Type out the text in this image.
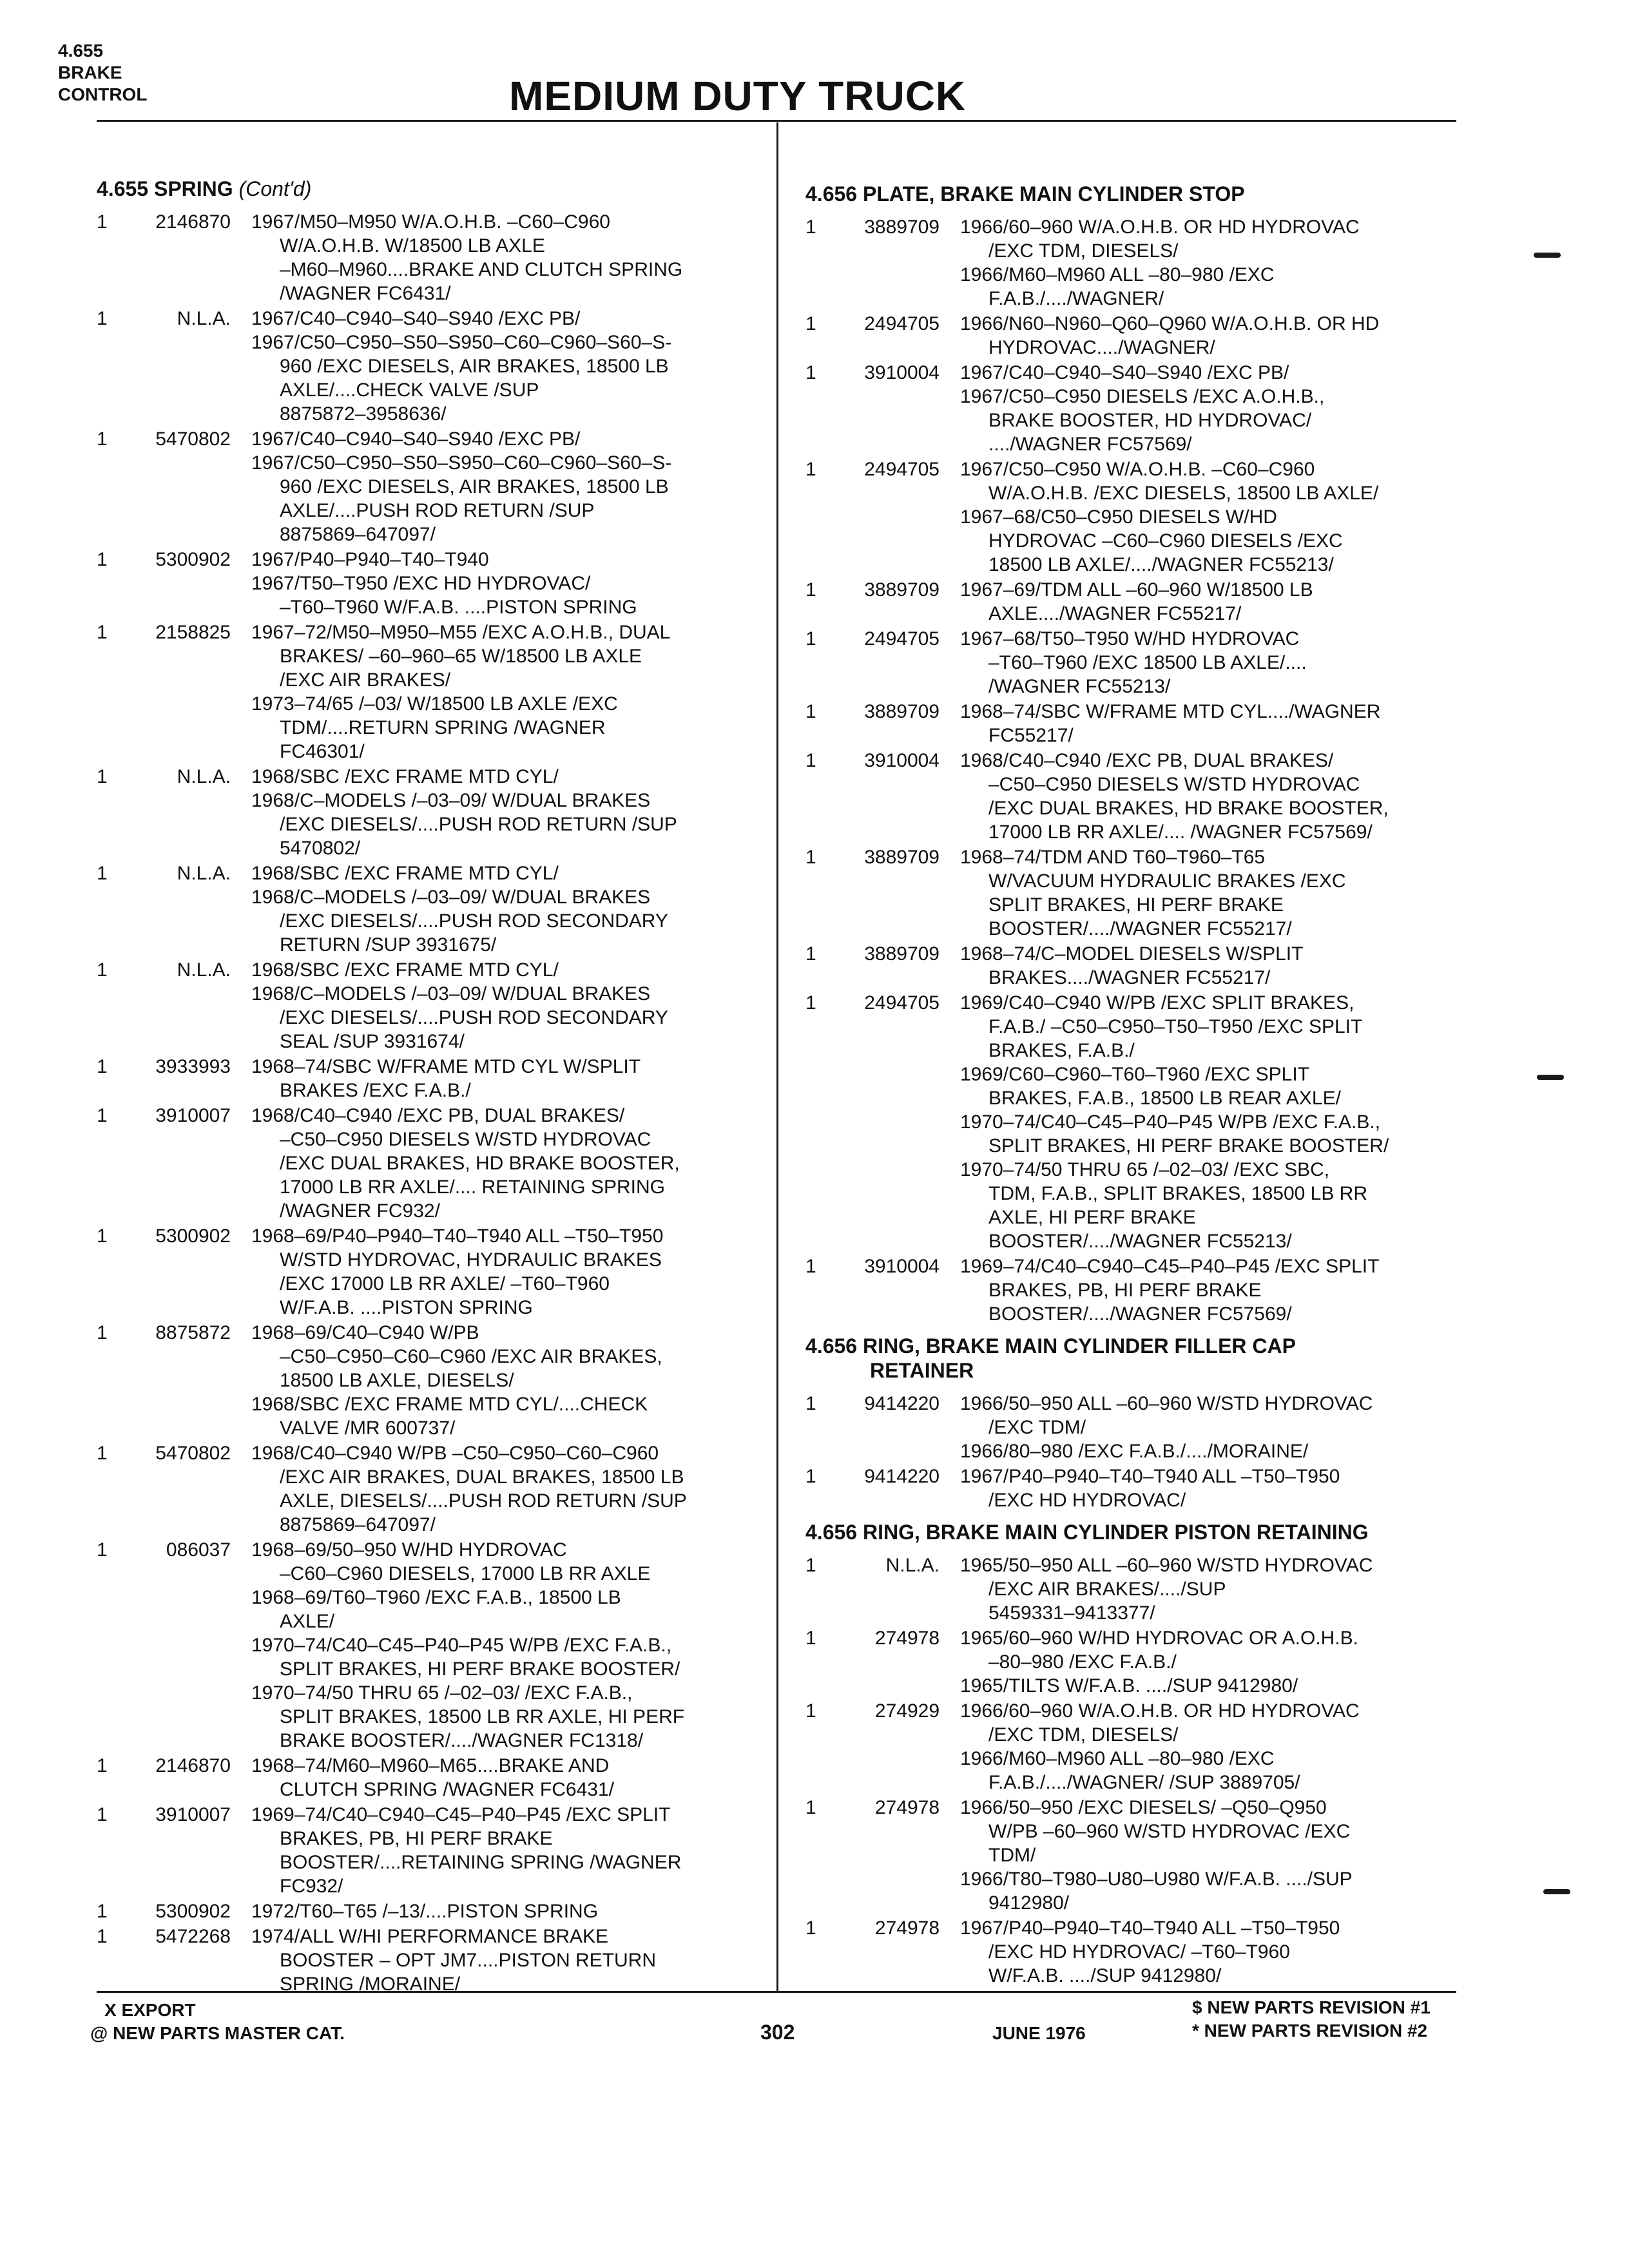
4.655
BRAKE
CONTROL	MEDIUM DUTY TRUCK
4.655 SPRING (Cont'd)
1	2146870 1967/M50–M950 W/A.O.H.B. –C60–C960
W/A.O.H.B. W/18500 LB AXLE
–M60–M960....BRAKE AND CLUTCH SPRING
/WAGNER FC6431/
1	N.L.A. 1967/C40–C940–S40–S940 /EXC PB/
1967/C50–C950–S50–S950–C60–C960–S60–S-
960 /EXC DIESELS, AIR BRAKES, 18500 LB
AXLE/....CHECK VALVE /SUP
8875872–3958636/
1	5470802 1967/C40–C940–S40–S940 /EXC PB/
1967/C50–C950–S50–S950–C60–C960–S60–S-
960 /EXC DIESELS, AIR BRAKES, 18500 LB
AXLE/....PUSH ROD RETURN /SUP
8875869–647097/
1	5300902 1967/P40–P940–T40–T940
1967/T50–T950 /EXC HD HYDROVAC/
–T60–T960 W/F.A.B. ....PISTON SPRING
1	2158825 1967–72/M50–M950–M55 /EXC A.O.H.B., DUAL
BRAKES/ –60–960–65 W/18500 LB AXLE
/EXC AIR BRAKES/
1973–74/65 /–03/ W/18500 LB AXLE /EXC
TDM/....RETURN SPRING /WAGNER
FC46301/
1	N.L.A. 1968/SBC /EXC FRAME MTD CYL/
1968/C–MODELS /–03–09/ W/DUAL BRAKES
/EXC DIESELS/....PUSH ROD RETURN /SUP
5470802/
1	N.L.A. 1968/SBC /EXC FRAME MTD CYL/
1968/C–MODELS /–03–09/ W/DUAL BRAKES
/EXC DIESELS/....PUSH ROD SECONDARY
RETURN /SUP 3931675/
1	N.L.A. 1968/SBC /EXC FRAME MTD CYL/
1968/C–MODELS /–03–09/ W/DUAL BRAKES
/EXC DIESELS/....PUSH ROD SECONDARY
SEAL /SUP 3931674/
1	3933993 1968–74/SBC W/FRAME MTD CYL W/SPLIT
BRAKES /EXC F.A.B./
1	3910007 1968/C40–C940 /EXC PB, DUAL BRAKES/
–C50–C950 DIESELS W/STD HYDROVAC
/EXC DUAL BRAKES, HD BRAKE BOOSTER,
17000 LB RR AXLE/.... RETAINING SPRING
/WAGNER FC932/
1	5300902 1968–69/P40–P940–T40–T940 ALL –T50–T950
W/STD HYDROVAC, HYDRAULIC BRAKES
/EXC 17000 LB RR AXLE/ –T60–T960
W/F.A.B. ....PISTON SPRING
1	8875872 1968–69/C40–C940 W/PB
–C50–C950–C60–C960 /EXC AIR BRAKES,
18500 LB AXLE, DIESELS/
1968/SBC /EXC FRAME MTD CYL/....CHECK
VALVE /MR 600737/
1	5470802 1968/C40–C940 W/PB –C50–C950–C60–C960
/EXC AIR BRAKES, DUAL BRAKES, 18500 LB
AXLE, DIESELS/....PUSH ROD RETURN /SUP
8875869–647097/
1	086037 1968–69/50–950 W/HD HYDROVAC
–C60–C960 DIESELS, 17000 LB RR AXLE
1968–69/T60–T960 /EXC F.A.B., 18500 LB
AXLE/
1970–74/C40–C45–P40–P45 W/PB /EXC F.A.B.,
SPLIT BRAKES, HI PERF BRAKE BOOSTER/
1970–74/50 THRU 65 /–02–03/ /EXC F.A.B.,
SPLIT BRAKES, 18500 LB RR AXLE, HI PERF
BRAKE BOOSTER/..../WAGNER FC1318/
1	2146870 1968–74/M60–M960–M65....BRAKE AND
CLUTCH SPRING /WAGNER FC6431/
1	3910007 1969–74/C40–C940–C45–P40–P45 /EXC SPLIT
BRAKES, PB, HI PERF BRAKE
BOOSTER/....RETAINING SPRING /WAGNER
FC932/
1	5300902 1972/T60–T65 /–13/....PISTON SPRING
1	5472268 1974/ALL W/HI PERFORMANCE BRAKE
BOOSTER – OPT JM7....PISTON RETURN
SPRING /MORAINE/
4.656 PLATE, BRAKE MAIN CYLINDER STOP
1	3889709 1966/60–960 W/A.O.H.B. OR HD HYDROVAC
/EXC TDM, DIESELS/
1966/M60–M960 ALL –80–980 /EXC
F.A.B./..../WAGNER/
1	2494705 1966/N60–N960–Q60–Q960 W/A.O.H.B. OR HD
HYDROVAC..../WAGNER/
1	3910004 1967/C40–C940–S40–S940 /EXC PB/
1967/C50–C950 DIESELS /EXC A.O.H.B.,
BRAKE BOOSTER, HD HYDROVAC/
..../WAGNER FC57569/
1	2494705 1967/C50–C950 W/A.O.H.B. –C60–C960
W/A.O.H.B. /EXC DIESELS, 18500 LB AXLE/
1967–68/C50–C950 DIESELS W/HD
HYDROVAC –C60–C960 DIESELS /EXC
18500 LB AXLE/..../WAGNER FC55213/
1	3889709 1967–69/TDM ALL –60–960 W/18500 LB
AXLE..../WAGNER FC55217/
1	2494705 1967–68/T50–T950 W/HD HYDROVAC
–T60–T960 /EXC 18500 LB AXLE/....
/WAGNER FC55213/
1	3889709 1968–74/SBC W/FRAME MTD CYL..../WAGNER
FC55217/
1	3910004 1968/C40–C940 /EXC PB, DUAL BRAKES/
–C50–C950 DIESELS W/STD HYDROVAC
/EXC DUAL BRAKES, HD BRAKE BOOSTER,
17000 LB RR AXLE/.... /WAGNER FC57569/
1	3889709 1968–74/TDM AND T60–T960–T65
W/VACUUM HYDRAULIC BRAKES /EXC
SPLIT BRAKES, HI PERF BRAKE
BOOSTER/..../WAGNER FC55217/
1	3889709 1968–74/C–MODEL DIESELS W/SPLIT
BRAKES..../WAGNER FC55217/
1	2494705 1969/C40–C940 W/PB /EXC SPLIT BRAKES,
F.A.B./ –C50–C950–T50–T950 /EXC SPLIT
BRAKES, F.A.B./
1969/C60–C960–T60–T960 /EXC SPLIT
BRAKES, F.A.B., 18500 LB REAR AXLE/
1970–74/C40–C45–P40–P45 W/PB /EXC F.A.B.,
SPLIT BRAKES, HI PERF BRAKE BOOSTER/
1970–74/50 THRU 65 /–02–03/ /EXC SBC,
TDM, F.A.B., SPLIT BRAKES, 18500 LB RR
AXLE, HI PERF BRAKE
BOOSTER/..../WAGNER FC55213/
1	3910004 1969–74/C40–C940–C45–P40–P45 /EXC SPLIT
BRAKES, PB, HI PERF BRAKE
BOOSTER/..../WAGNER FC57569/
4.656 RING, BRAKE MAIN CYLINDER FILLER CAP
RETAINER
1	9414220 1966/50–950 ALL –60–960 W/STD HYDROVAC
/EXC TDM/
1966/80–980 /EXC F.A.B./..../MORAINE/
1	9414220 1967/P40–P940–T40–T940 ALL –T50–T950
/EXC HD HYDROVAC/
4.656 RING, BRAKE MAIN CYLINDER PISTON RETAINING
1	N.L.A. 1965/50–950 ALL –60–960 W/STD HYDROVAC
/EXC AIR BRAKES/..../SUP
5459331–9413377/
1	274978 1965/60–960 W/HD HYDROVAC OR A.O.H.B.
–80–980 /EXC F.A.B./
1965/TILTS W/F.A.B. ..../SUP 9412980/
1	274929 1966/60–960 W/A.O.H.B. OR HD HYDROVAC
/EXC TDM, DIESELS/
1966/M60–M960 ALL –80–980 /EXC
F.A.B./..../WAGNER/ /SUP 3889705/
1	274978 1966/50–950 /EXC DIESELS/ –Q50–Q950
W/PB –60–960 W/STD HYDROVAC /EXC
TDM/
1966/T80–T980–U80–U980 W/F.A.B. ..../SUP
9412980/
1	274978 1967/P40–P940–T40–T940 ALL –T50–T950
/EXC HD HYDROVAC/ –T60–T960
W/F.A.B. ..../SUP 9412980/
X EXPORT
@ NEW PARTS MASTER CAT.	302	JUNE 1976
$ NEW PARTS REVISION #1
* NEW PARTS REVISION #2
